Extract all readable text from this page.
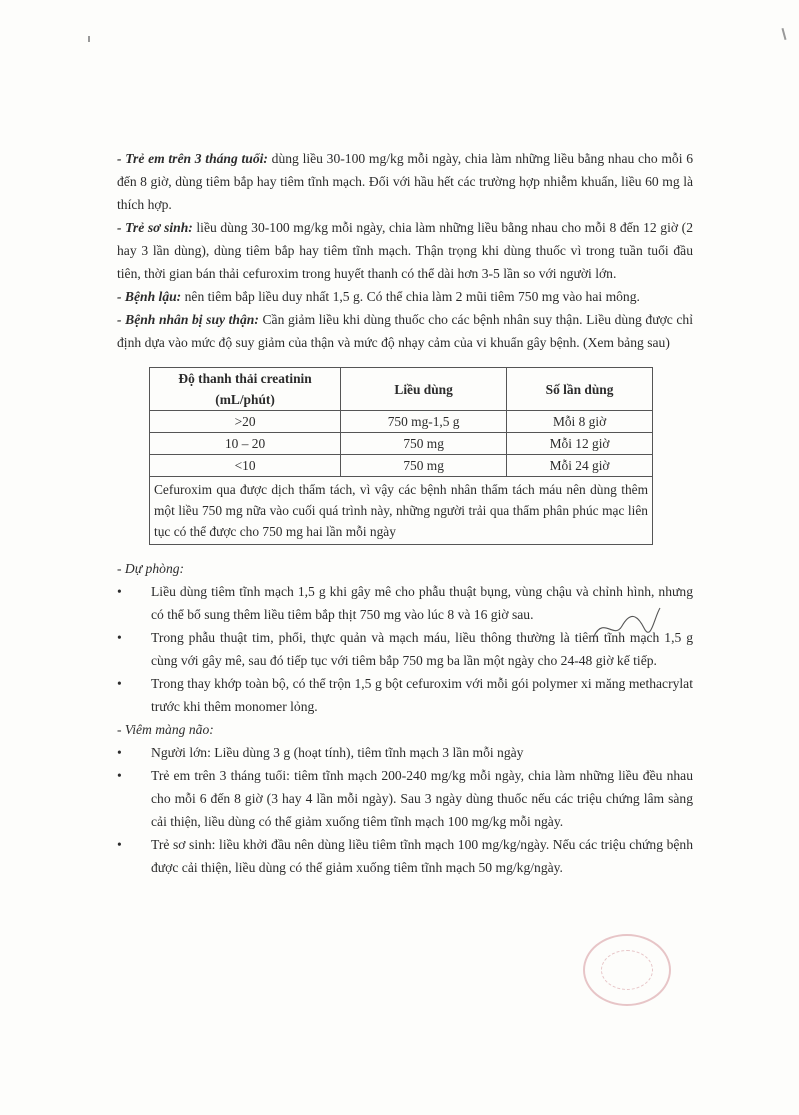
- Trẻ em trên 3 tháng tuổi: dùng liều 30-100 mg/kg mỗi ngày, chia làm những liều bằng nhau cho mỗi 6 đến 8 giờ, dùng tiêm bắp hay tiêm tĩnh mạch. Đối với hầu hết các trường hợp nhiễm khuẩn, liều 60 mg là thích hợp.

- Trẻ sơ sinh: liều dùng 30-100 mg/kg mỗi ngày, chia làm những liều bằng nhau cho mỗi 8 đến 12 giờ (2 hay 3 lần dùng), dùng tiêm bắp hay tiêm tĩnh mạch. Thận trọng khi dùng thuốc vì trong tuần tuổi đầu tiên, thời gian bán thải cefuroxim trong huyết thanh có thể dài hơn 3-5 lần so với người lớn.

- Bệnh lậu: nên tiêm bắp liều duy nhất 1,5 g. Có thể chia làm 2 mũi tiêm 750 mg vào hai mông.

- Bệnh nhân bị suy thận: Cần giảm liều khi dùng thuốc cho các bệnh nhân suy thận. Liều dùng được chỉ định dựa vào mức độ suy giảm của thận và mức độ nhạy cảm của vi khuẩn gây bệnh. (Xem bảng sau)

Độ thanh thải creatinin (mL/phút)	Liều dùng	Số lần dùng
>20	750 mg-1,5 g	Mỗi 8 giờ
10 – 20	750 mg	Mỗi 12 giờ
<10	750 mg	Mỗi 24 giờ
Cefuroxim qua được dịch thẩm tách, vì vậy các bệnh nhân thẩm tách máu nên dùng thêm một liều 750 mg nữa vào cuối quá trình này, những người trải qua thẩm phân phúc mạc liên tục có thể được cho 750 mg hai lần mỗi ngày		

- Dự phòng:

• Liều dùng tiêm tĩnh mạch 1,5 g khi gây mê cho phẫu thuật bụng, vùng chậu và chỉnh hình, nhưng có thể bổ sung thêm liều tiêm bắp thịt 750 mg vào lúc 8 và 16 giờ sau.

• Trong phẫu thuật tim, phổi, thực quản và mạch máu, liều thông thường là tiêm tĩnh mạch 1,5 g cùng với gây mê, sau đó tiếp tục với tiêm bắp 750 mg ba lần một ngày cho 24-48 giờ kế tiếp.

• Trong thay khớp toàn bộ, có thể trộn 1,5 g bột cefuroxim với mỗi gói polymer xi măng methacrylat trước khi thêm monomer lỏng.

- Viêm màng não:

• Người lớn: Liều dùng 3 g (hoạt tính), tiêm tĩnh mạch 3 lần mỗi ngày

• Trẻ em trên 3 tháng tuổi: tiêm tĩnh mạch 200-240 mg/kg mỗi ngày, chia làm những liều đều nhau cho mỗi 6 đến 8 giờ (3 hay 4 lần mỗi ngày). Sau 3 ngày dùng thuốc nếu các triệu chứng lâm sàng cải thiện, liều dùng có thể giảm xuống tiêm tĩnh mạch 100 mg/kg mỗi ngày.

• Trẻ sơ sinh: liều khởi đầu nên dùng liều tiêm tĩnh mạch 100 mg/kg/ngày. Nếu các triệu chứng bệnh được cải thiện, liều dùng có thể giảm xuống tiêm tĩnh mạch 50 mg/kg/ngày.
